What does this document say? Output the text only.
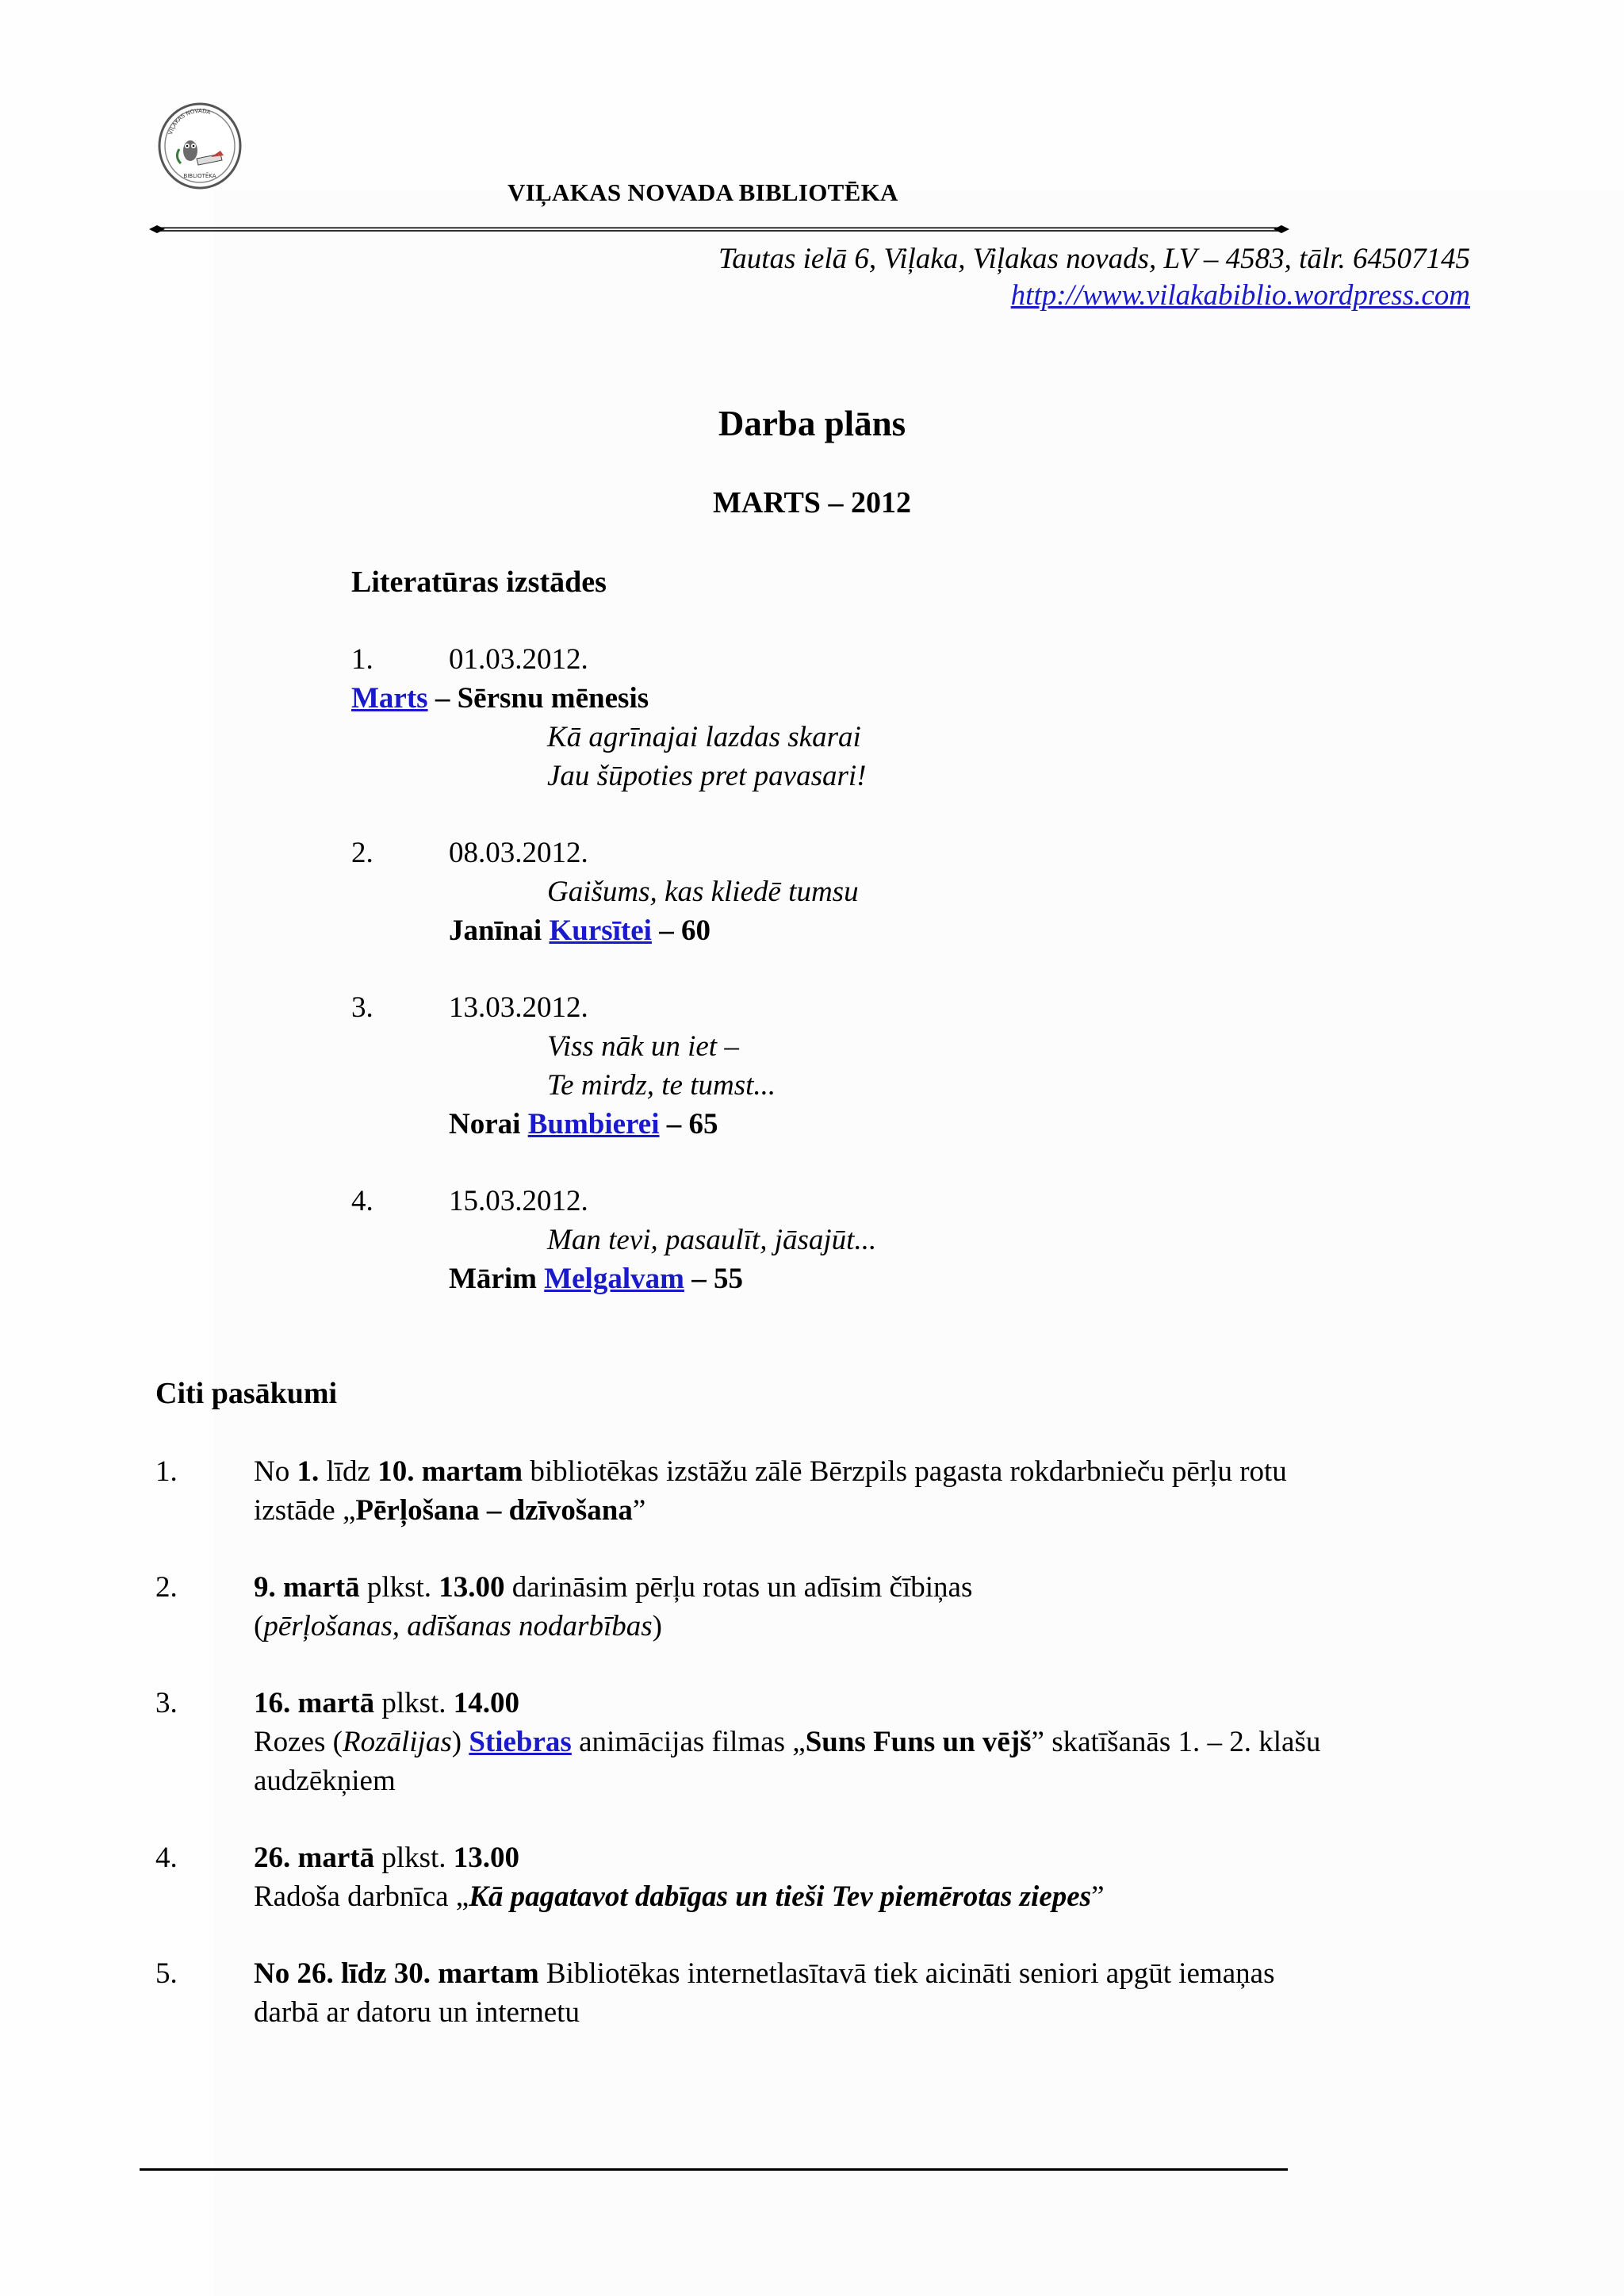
VIĻAKAS NOVADA
BIBLIOTĒKA
VIĻAKAS NOVADA BIBLIOTĒKA
Tautas ielā 6, Viļaka, Viļakas novads, LV – 4583, tālr. 64507145
http://www.vilakabiblio.wordpress.com
Darba plāns
MARTS – 2012
Literatūras izstādes
1.	01.03.2012.
Marts – Sērsnu mēnesis
Kā agrīnajai lazdas skarai
Jau šūpoties pret pavasari!
2.	08.03.2012.
Gaišums, kas kliedē tumsu
Janīnai Kursītei – 60
3.	13.03.2012.
Viss nāk un iet –
Te mirdz, te tumst...
Norai Bumbierei – 65
4.	15.03.2012.
Man tevi, pasaulīt, jāsajūt...
Mārim Melgalvam – 55
Citi pasākumi
1.	No 1. līdz 10. martam bibliotēkas izstāžu zālē Bērzpils pagasta rokdarbnieču pērļu rotu
izstāde „Pērļošana – dzīvošana”
2.	9. martā plkst. 13.00 darināsim pērļu rotas un adīsim čībiņas
(pērļošanas, adīšanas nodarbības)
3.	16. martā plkst. 14.00
Rozes (Rozālijas) Stiebras animācijas filmas „Suns Funs un vējš” skatīšanās 1. – 2. klašu
audzēkņiem
4.	26. martā plkst. 13.00
Radoša darbnīca „Kā pagatavot dabīgas un tieši Tev piemērotas ziepes”
5.	No 26. līdz 30. martam Bibliotēkas internetlasītavā tiek aicināti seniori apgūt iemaņas
darbā ar datoru un internetu
